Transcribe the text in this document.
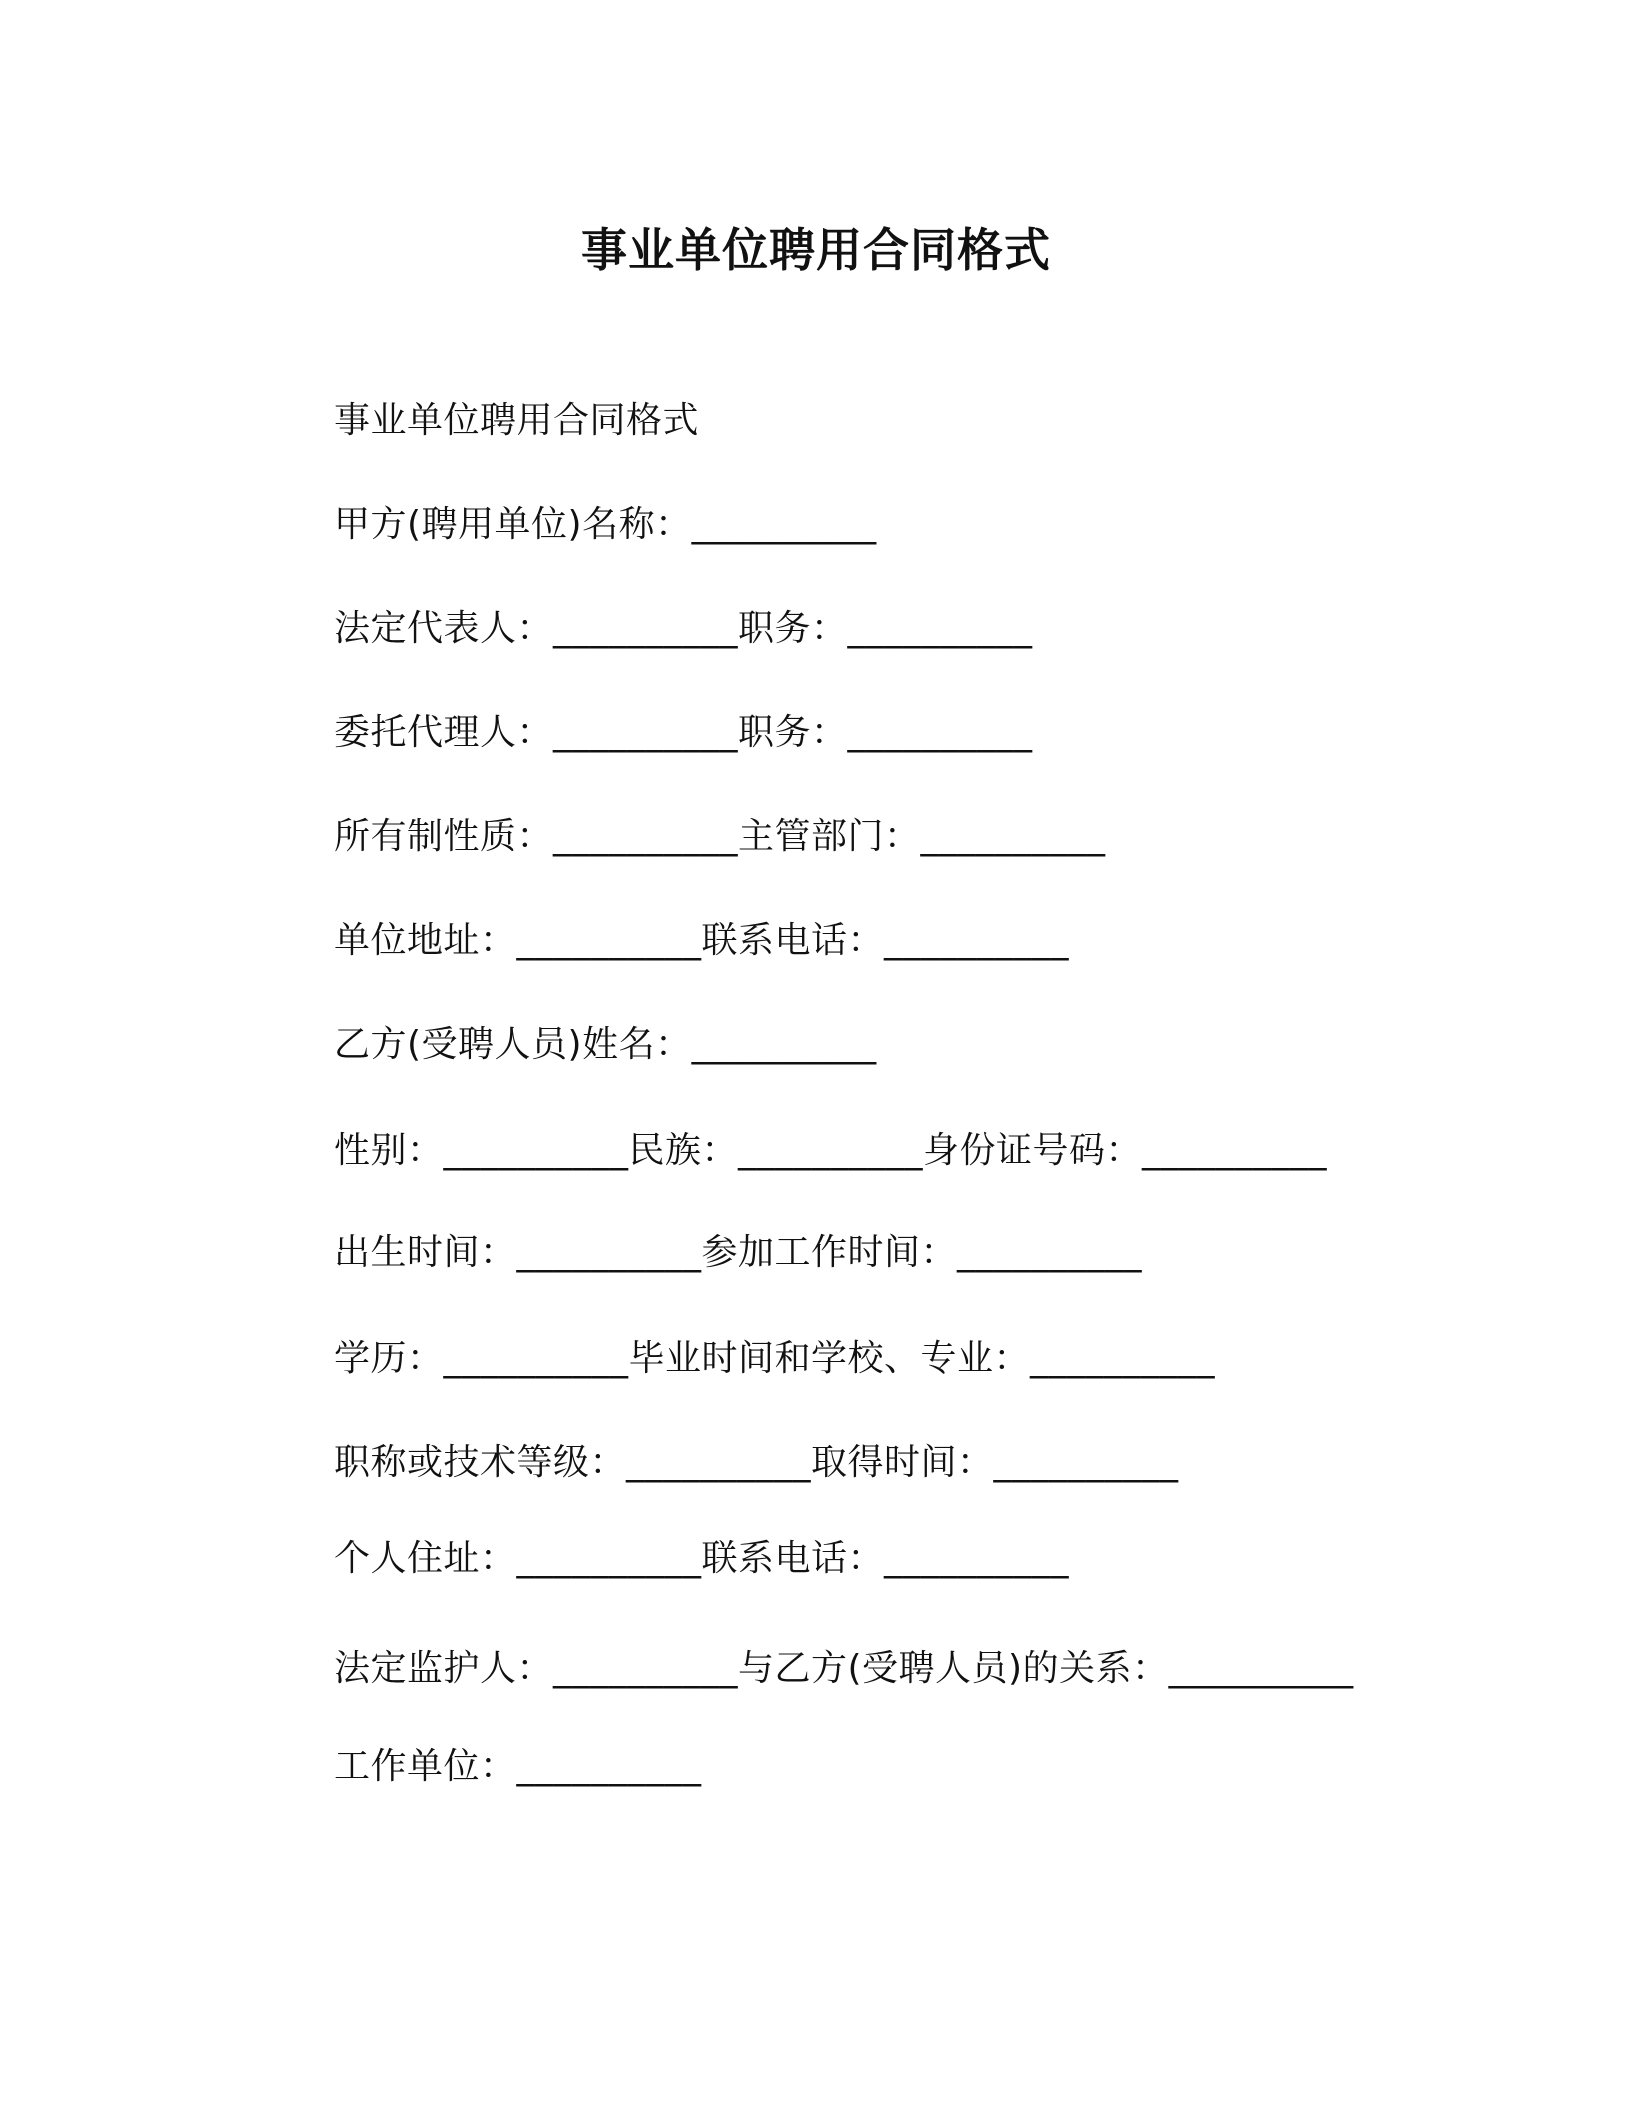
事业单位聘用合同格式
事业单位聘用合同格式
甲方(聘用单位)名称：__________
法定代表人：__________职务：__________
委托代理人：__________职务：__________
所有制性质：__________主管部门：__________
单位地址：__________联系电话：__________
乙方(受聘人员)姓名：__________
性别：__________民族：__________身份证号码：__________
出生时间：__________参加工作时间：__________
学历：__________毕业时间和学校、专业：__________
职称或技术等级：__________取得时间：__________
个人住址：__________联系电话：__________
法定监护人：__________与乙方(受聘人员)的关系：__________
工作单位：__________
